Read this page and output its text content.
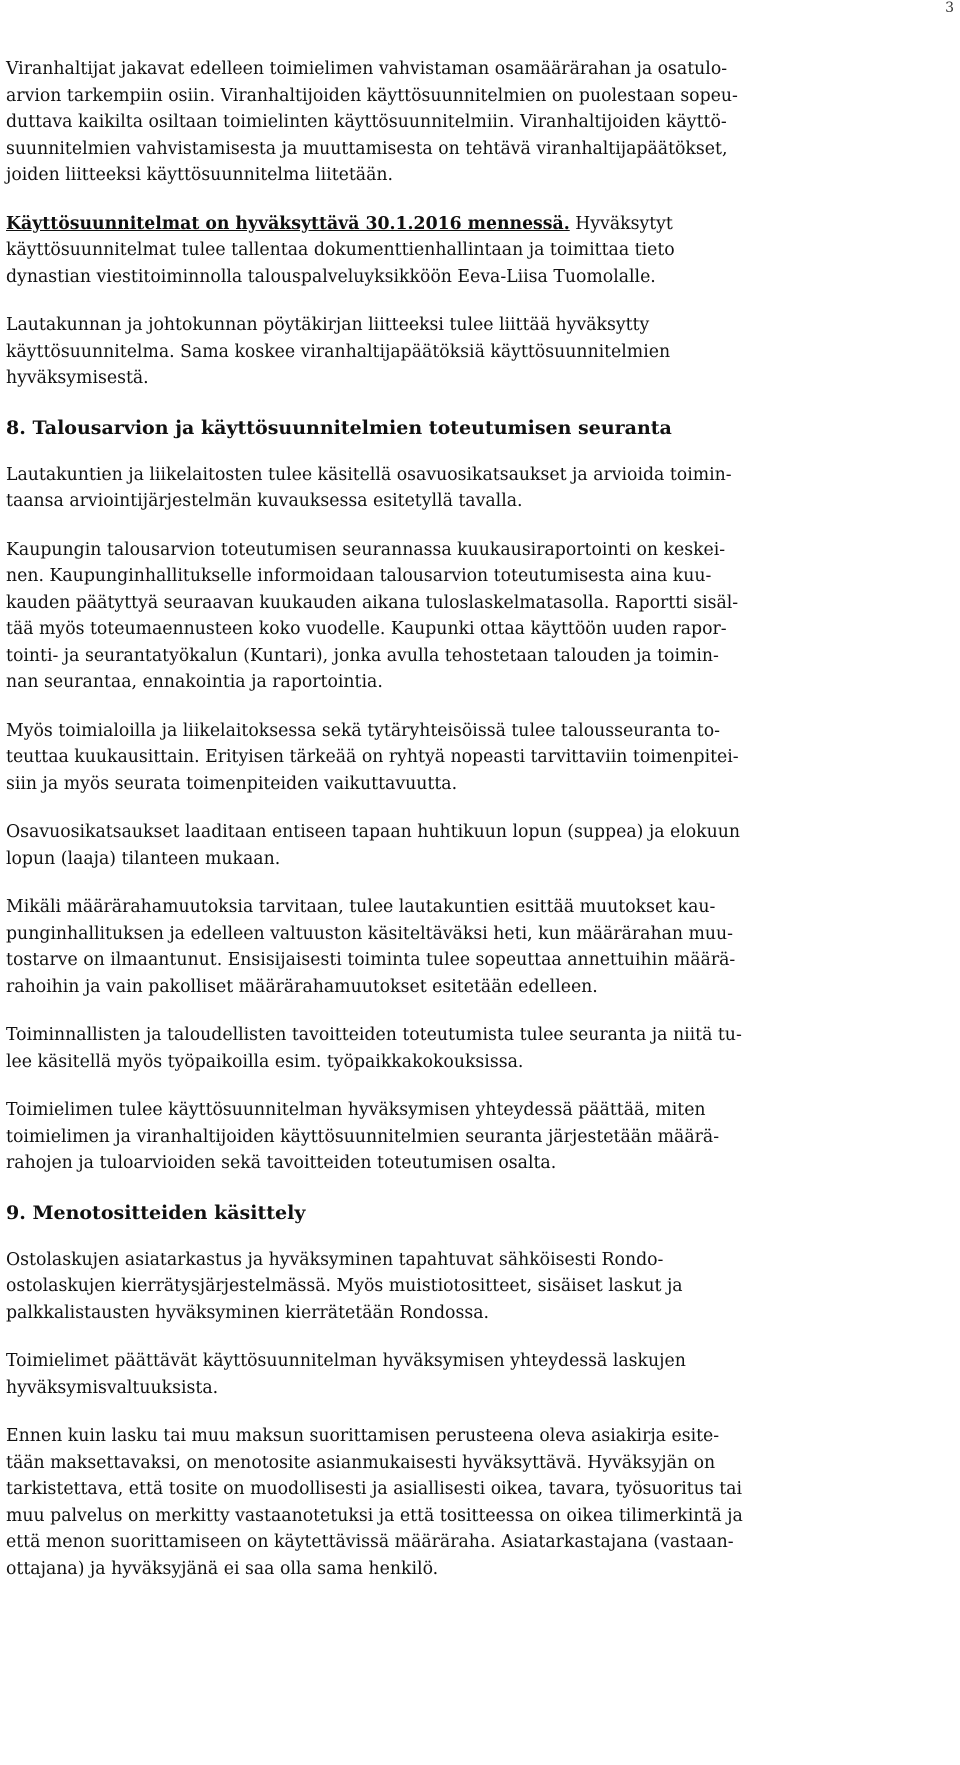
3

Viranhaltijat jakavat edelleen toimielimen vahvistaman osamäärärahan ja osatulo-
arvion tarkempiin osiin. Viranhaltijoiden käyttösuunnitelmien on puolestaan sopeu-
duttava kaikilta osiltaan toimielinten käyttösuunnitelmiin. Viranhaltijoiden käyttö-
suunnitelmien vahvistamisesta ja muuttamisesta on tehtävä viranhaltijapäätökset,
joiden liitteeksi käyttösuunnitelma liitetään.

Käyttösuunnitelmat on hyväksyttävä 30.1.2016 mennessä. Hyväksytyt
käyttösuunnitelmat tulee tallentaa dokumenttienhallintaan ja toimittaa tieto
dynastian viestitoiminnolla talouspalveluyksikköön Eeva-Liisa Tuomolalle.

Lautakunnan ja johtokunnan pöytäkirjan liitteeksi tulee liittää hyväksytty
käyttösuunnitelma. Sama koskee viranhaltijapäätöksiä käyttösuunnitelmien
hyväksymisestä.

8. Talousarvion ja käyttösuunnitelmien toteutumisen seuranta

Lautakuntien ja liikelaitosten tulee käsitellä osavuosikatsaukset ja arvioida toimin-
taansa arviointijärjestelmän kuvauksessa esitetyllä tavalla.

Kaupungin talousarvion toteutumisen seurannassa kuukausiraportointi on keskei-
nen. Kaupunginhallitukselle informoidaan talousarvion toteutumisesta aina kuu-
kauden päätyttyä seuraavan kuukauden aikana tuloslaskelmatasolla. Raportti sisäl-
tää myös toteumaennusteen koko vuodelle. Kaupunki ottaa käyttöön uuden rapor-
tointi- ja seurantatyökalun (Kuntari), jonka avulla tehostetaan talouden ja toimin-
nan seurantaa, ennakointia ja raportointia.

Myös toimialoilla ja liikelaitoksessa sekä tytäryhteisöissä tulee talousseuranta to-
teuttaa kuukausittain. Erityisen tärkeää on ryhtyä nopeasti tarvittaviin toimenpitei-
siin ja myös seurata toimenpiteiden vaikuttavuutta.

Osavuosikatsaukset laaditaan entiseen tapaan huhtikuun lopun (suppea) ja elokuun
lopun (laaja) tilanteen mukaan.

Mikäli määrärahamuutoksia tarvitaan, tulee lautakuntien esittää muutokset kau-
punginhallituksen ja edelleen valtuuston käsiteltäväksi heti, kun määrärahan muu-
tostarve on ilmaantunut. Ensisijaisesti toiminta tulee sopeuttaa annettuihin määrä-
rahoihin ja vain pakolliset määrärahamuutokset esitetään edelleen.

Toiminnallisten ja taloudellisten tavoitteiden toteutumista tulee seuranta ja niitä tu-
lee käsitellä myös työpaikoilla esim. työpaikkakokouksissa.

Toimielimen tulee käyttösuunnitelman hyväksymisen yhteydessä päättää, miten
toimielimen ja viranhaltijoiden käyttösuunnitelmien seuranta järjestetään määrä-
rahojen ja tuloarvioiden sekä tavoitteiden toteutumisen osalta.

9. Menotositteiden käsittely

Ostolaskujen asiatarkastus ja hyväksyminen tapahtuvat sähköisesti Rondo-
ostolaskujen kierrätysjärjestelmässä. Myös muistiotositteet, sisäiset laskut ja
palkkalistausten hyväksyminen kierrätetään Rondossa.

Toimielimet päättävät käyttösuunnitelman hyväksymisen yhteydessä laskujen
hyväksymisvaltuuksista.

Ennen kuin lasku tai muu maksun suorittamisen perusteena oleva asiakirja esite-
tään maksettavaksi, on menotosite asianmukaisesti hyväksyttävä. Hyväksyjän on
tarkistettava, että tosite on muodollisesti ja asiallisesti oikea, tavara, työsuoritus tai
muu palvelus on merkitty vastaanotetuksi ja että tositteessa on oikea tilimerkintä ja
että menon suorittamiseen on käytettävissä määräraha. Asiatarkastajana (vastaan-
ottajana) ja hyväksyjänä ei saa olla sama henkilö.
